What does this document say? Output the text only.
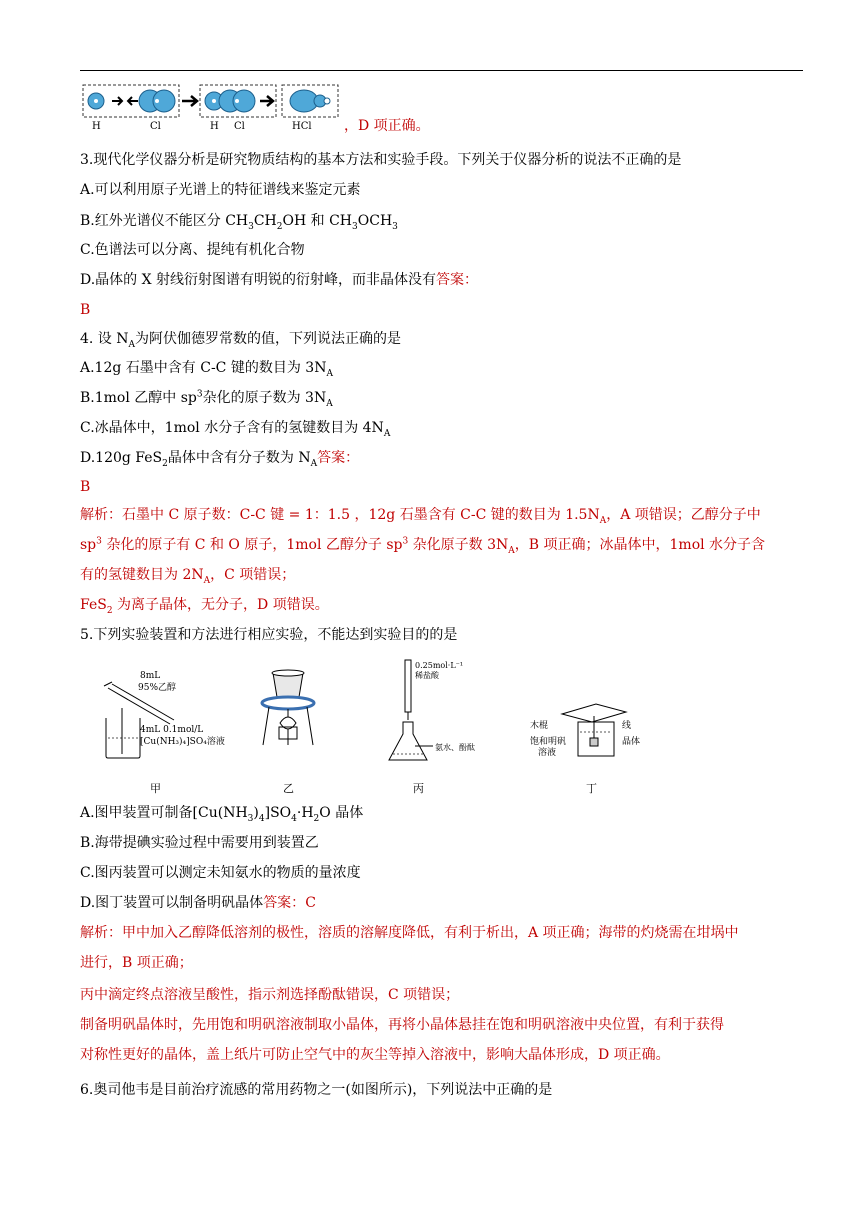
H	Cl	H Cl	HCl ，D 项正确。
3.现代化学仪器分析是研究物质结构的基本方法和实验手段。下列关于仪器分析的说法不正确的是
A.可以利用原子光谱上的特征谱线来鉴定元素
B.红外光谱仪不能区分 $CH_3CH_2OH$ 和 $CH_3OCH_3$
C.色谱法可以分离、提纯有机化合物
D.晶体的 X 射线衍射图谱有明锐的衍射峰，而非晶体没有答案：
B
4. 设 $N_A$为阿伏伽德罗常数的值，下列说法正确的是
A.12g 石墨中含有 C-C 键的数目为 $3N_A$
B.1mol 乙醇中 $sp^3$杂化的原子数为 $3N_A$
C.冰晶体中，1mol 水分子含有的氢键数目为 $4N_A$
D.120g FeS$_2$晶体中含有分子数为 $N_A$答案：
B
解析：石墨中 C 原子数：C-C 键 = 1：1.5 ，12g 石墨含有 C-C 键的数目为 $1.5N_A$，A 项错误；乙醇分子中
$sp^3$ 杂化的原子有 C 和 O 原子，1mol 乙醇分子 $sp^3$ 杂化原子数 $3N_A$，B 项正确；冰晶体中，1mol 水分子含
有的氢键数目为 $2N_A$，C 项错误；
FeS$_2$ 为离子晶体，无分子，D 项错误。
5.下列实验装置和方法进行相应实验，不能达到实验目的的是
8mL
95%乙醇
4mL 0.1mol/L
[Cu(NH₃)₄]SO₄溶液
甲	乙
0.25mol·L⁻¹
稀盐酸
氨水、酚酞
丙
木棍	线
饱和明矾
溶液
晶体
丁
A.图甲装置可制备$[Cu(NH_3)_4]SO_4\cdot H_2O$ 晶体
B.海带提碘实验过程中需要用到装置乙
C.图丙装置可以测定未知氨水的物质的量浓度
D.图丁装置可以制备明矾晶体答案：C
解析：甲中加入乙醇降低溶剂的极性，溶质的溶解度降低，有利于析出，A 项正确；海带的灼烧需在坩埚中
进行，B 项正确；
丙中滴定终点溶液呈酸性，指示剂选择酚酞错误，C 项错误；
制备明矾晶体时，先用饱和明矾溶液制取小晶体，再将小晶体悬挂在饱和明矾溶液中央位置，有利于获得
对称性更好的晶体，盖上纸片可防止空气中的灰尘等掉入溶液中，影响大晶体形成，D 项正确。
6.奥司他韦是目前治疗流感的常用药物之一(如图所示)，下列说法中正确的是
